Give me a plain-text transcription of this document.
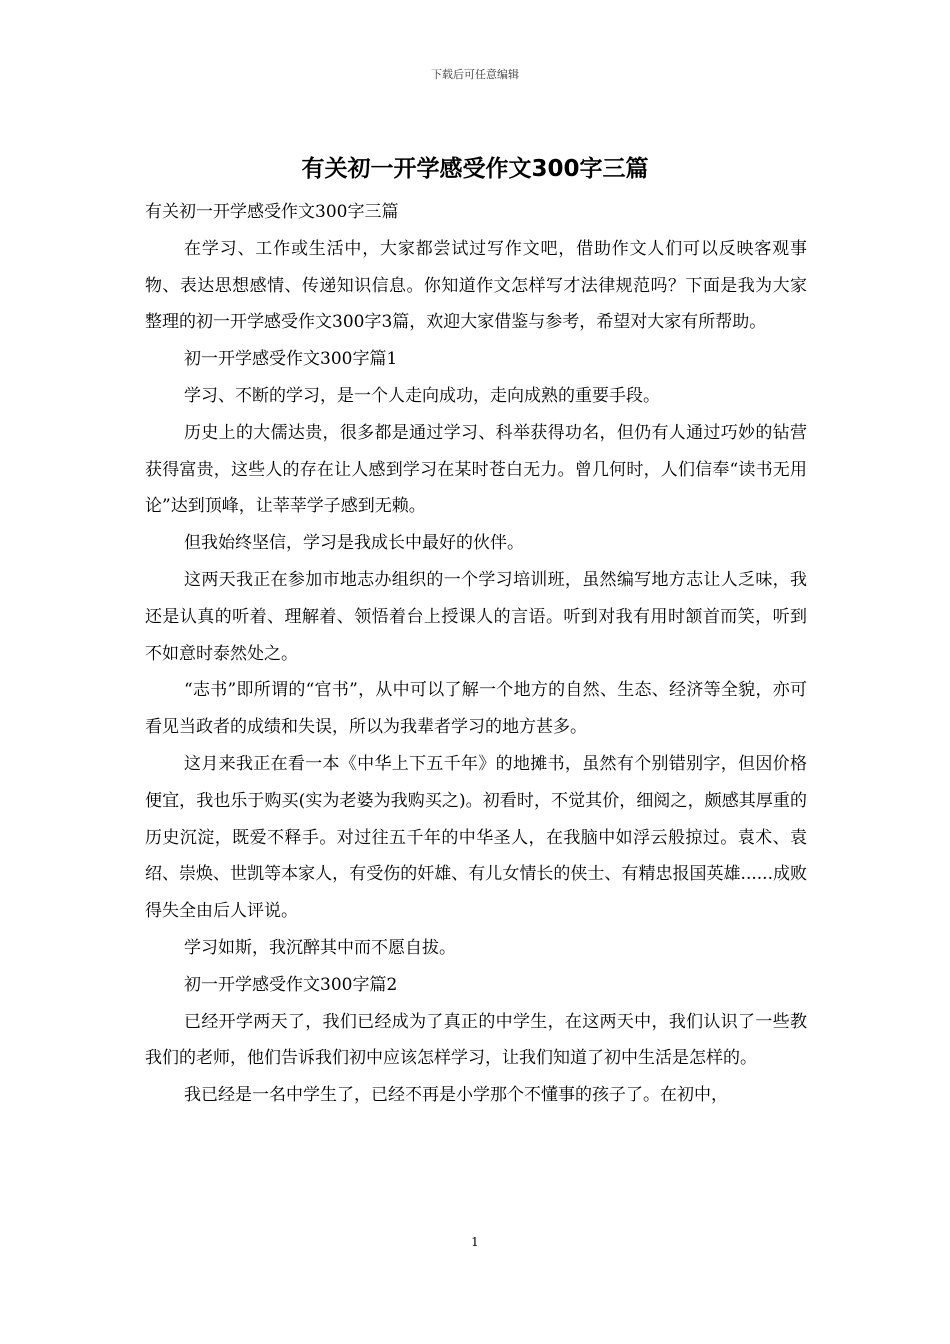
下载后可任意编辑
有关初一开学感受作文300字三篇

有关初一开学感受作文300字三篇

在学习、工作或生活中，大家都尝试过写作文吧，借助作文人们可以反映客观事物、表达思想感情、传递知识信息。你知道作文怎样写才法律规范吗？下面是我为大家整理的初一开学感受作文300字3篇，欢迎大家借鉴与参考，希望对大家有所帮助。

初一开学感受作文300字篇1

学习、不断的学习，是一个人走向成功，走向成熟的重要手段。

历史上的大儒达贵，很多都是通过学习、科举获得功名，但仍有人通过巧妙的钻营获得富贵，这些人的存在让人感到学习在某时苍白无力。曾几何时，人们信奉“读书无用论”达到顶峰，让莘莘学子感到无赖。

但我始终坚信，学习是我成长中最好的伙伴。

这两天我正在参加市地志办组织的一个学习培训班，虽然编写地方志让人乏味，我还是认真的听着、理解着、领悟着台上授课人的言语。听到对我有用时颔首而笑，听到不如意时泰然处之。

“志书”即所谓的“官书”，从中可以了解一个地方的自然、生态、经济等全貌，亦可看见当政者的成绩和失误，所以为我辈者学习的地方甚多。

这月来我正在看一本《中华上下五千年》的地摊书，虽然有个别错别字，但因价格便宜，我也乐于购买(实为老婆为我购买之)。初看时，不觉其价，细阅之，颇感其厚重的历史沉淀，既爱不释手。对过往五千年的中华圣人，在我脑中如浮云般掠过。袁术、袁绍、崇焕、世凯等本家人，有受伤的奸雄、有儿女情长的侠士、有精忠报国英雄......成败得失全由后人评说。

学习如斯，我沉醉其中而不愿自拔。

初一开学感受作文300字篇2

已经开学两天了，我们已经成为了真正的中学生，在这两天中，我们认识了一些教我们的老师，他们告诉我们初中应该怎样学习，让我们知道了初中生活是怎样的。

我已经是一名中学生了，已经不再是小学那个不懂事的孩子了。在初中，

1
